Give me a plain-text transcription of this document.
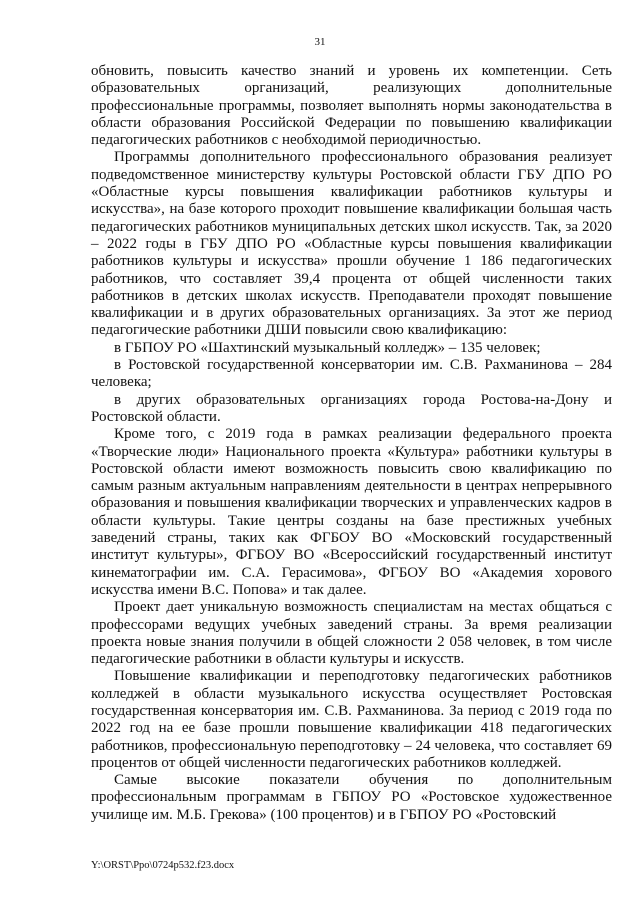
31

обновить, повысить качество знаний и уровень их компетенции. Сеть образовательных организаций, реализующих дополнительные профессиональные программы, позволяет выполнять нормы законодательства в области образования Российской Федерации по повышению квалификации педагогических работников с необходимой периодичностью.

Программы дополнительного профессионального образования реализует подведомственное министерству культуры Ростовской области ГБУ ДПО РО «Областные курсы повышения квалификации работников культуры и искусства», на базе которого проходит повышение квалификации большая часть педагогических работников муниципальных детских школ искусств. Так, за 2020 – 2022 годы в ГБУ ДПО РО «Областные курсы повышения квалификации работников культуры и искусства» прошли обучение 1 186 педагогических работников, что составляет 39,4 процента от общей численности таких работников в детских школах искусств. Преподаватели проходят повышение квалификации и в других образовательных организациях. За этот же период педагогические работники ДШИ повысили свою квалификацию:

в ГБПОУ РО «Шахтинский музыкальный колледж» – 135 человек;

в Ростовской государственной консерватории им. С.В. Рахманинова – 284 человека;

в других образовательных организациях города Ростова-на-Дону и Ростовской области.

Кроме того, с 2019 года в рамках реализации федерального проекта «Творческие люди» Национального проекта «Культура» работники культуры в Ростовской области имеют возможность повысить свою квалификацию по самым разным актуальным направлениям деятельности в центрах непрерывного образования и повышения квалификации творческих и управленческих кадров в области культуры. Такие центры созданы на базе престижных учебных заведений страны, таких как ФГБОУ ВО «Московский государственный институт культуры», ФГБОУ ВО «Всероссийский государственный институт кинематографии им. С.А. Герасимова», ФГБОУ ВО «Академия хорового искусства имени В.С. Попова» и так далее.

Проект дает уникальную возможность специалистам на местах общаться с профессорами ведущих учебных заведений страны. За время реализации проекта новые знания получили в общей сложности 2 058 человек, в том числе педагогические работники в области культуры и искусств.

Повышение квалификации и переподготовку педагогических работников колледжей в области музыкального искусства осуществляет Ростовская государственная консерватория им. С.В. Рахманинова. За период с 2019 года по 2022 год на ее базе прошли повышение квалификации 418 педагогических работников, профессиональную переподготовку – 24 человека, что составляет 69 процентов от общей численности педагогических работников колледжей.

Самые высокие показатели обучения по дополнительным профессиональным программам в ГБПОУ РО «Ростовское художественное училище им. М.Б. Грекова» (100 процентов) и в ГБПОУ РО «Ростовский

Y:\ORST\Ppo\0724p532.f23.docx
